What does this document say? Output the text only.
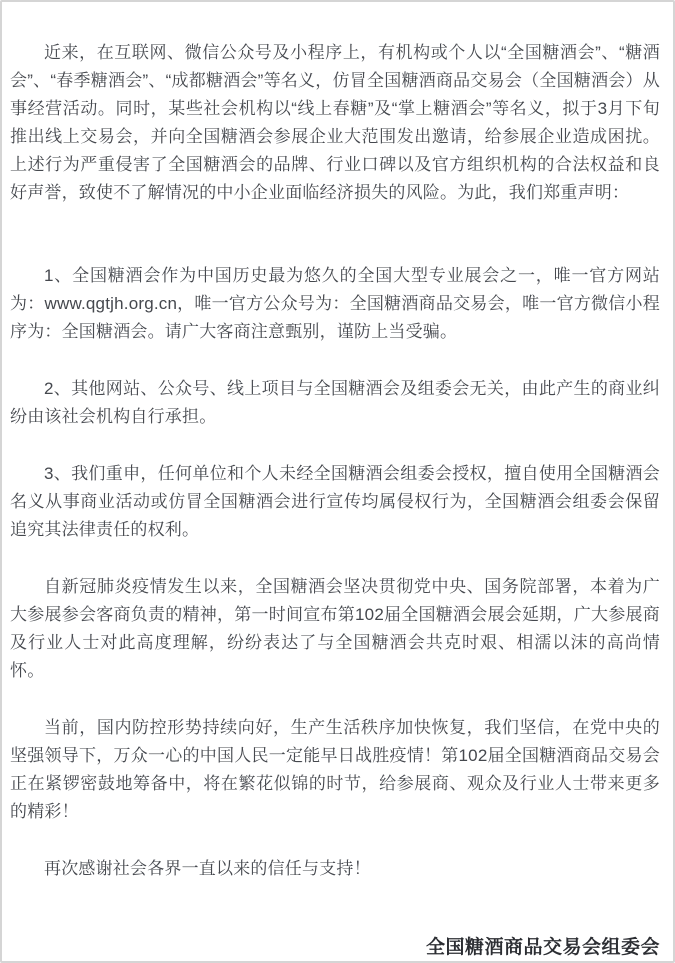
近来，在互联网、微信公众号及小程序上，有机构或个人以“全国糖酒会”、“糖酒会”、“春季糖酒会”、“成都糖酒会”等名义，仿冒全国糖酒商品交易会（全国糖酒会）从事经营活动。同时，某些社会机构以“线上春糖”及“掌上糖酒会”等名义，拟于3月下旬推出线上交易会，并向全国糖酒会参展企业大范围发出邀请，给参展企业造成困扰。上述行为严重侵害了全国糖酒会的品牌、行业口碑以及官方组织机构的合法权益和良好声誉，致使不了解情况的中小企业面临经济损失的风险。为此，我们郑重声明：

1、全国糖酒会作为中国历史最为悠久的全国大型专业展会之一，唯一官方网站为：www.qgtjh.org.cn，唯一官方公众号为：全国糖酒商品交易会，唯一官方微信小程序为：全国糖酒会。请广大客商注意甄别，谨防上当受骗。

2、其他网站、公众号、线上项目与全国糖酒会及组委会无关，由此产生的商业纠纷由该社会机构自行承担。

3、我们重申，任何单位和个人未经全国糖酒会组委会授权，擅自使用全国糖酒会名义从事商业活动或仿冒全国糖酒会进行宣传均属侵权行为，全国糖酒会组委会保留追究其法律责任的权利。

自新冠肺炎疫情发生以来，全国糖酒会坚决贯彻党中央、国务院部署，本着为广大参展参会客商负责的精神，第一时间宣布第102届全国糖酒会展会延期，广大参展商及行业人士对此高度理解，纷纷表达了与全国糖酒会共克时艰、相濡以沫的高尚情怀。

当前，国内防控形势持续向好，生产生活秩序加快恢复，我们坚信，在党中央的坚强领导下，万众一心的中国人民一定能早日战胜疫情！第102届全国糖酒商品交易会正在紧锣密鼓地筹备中，将在繁花似锦的时节，给参展商、观众及行业人士带来更多的精彩！

再次感谢社会各界一直以来的信任与支持！

全国糖酒商品交易会组委会
